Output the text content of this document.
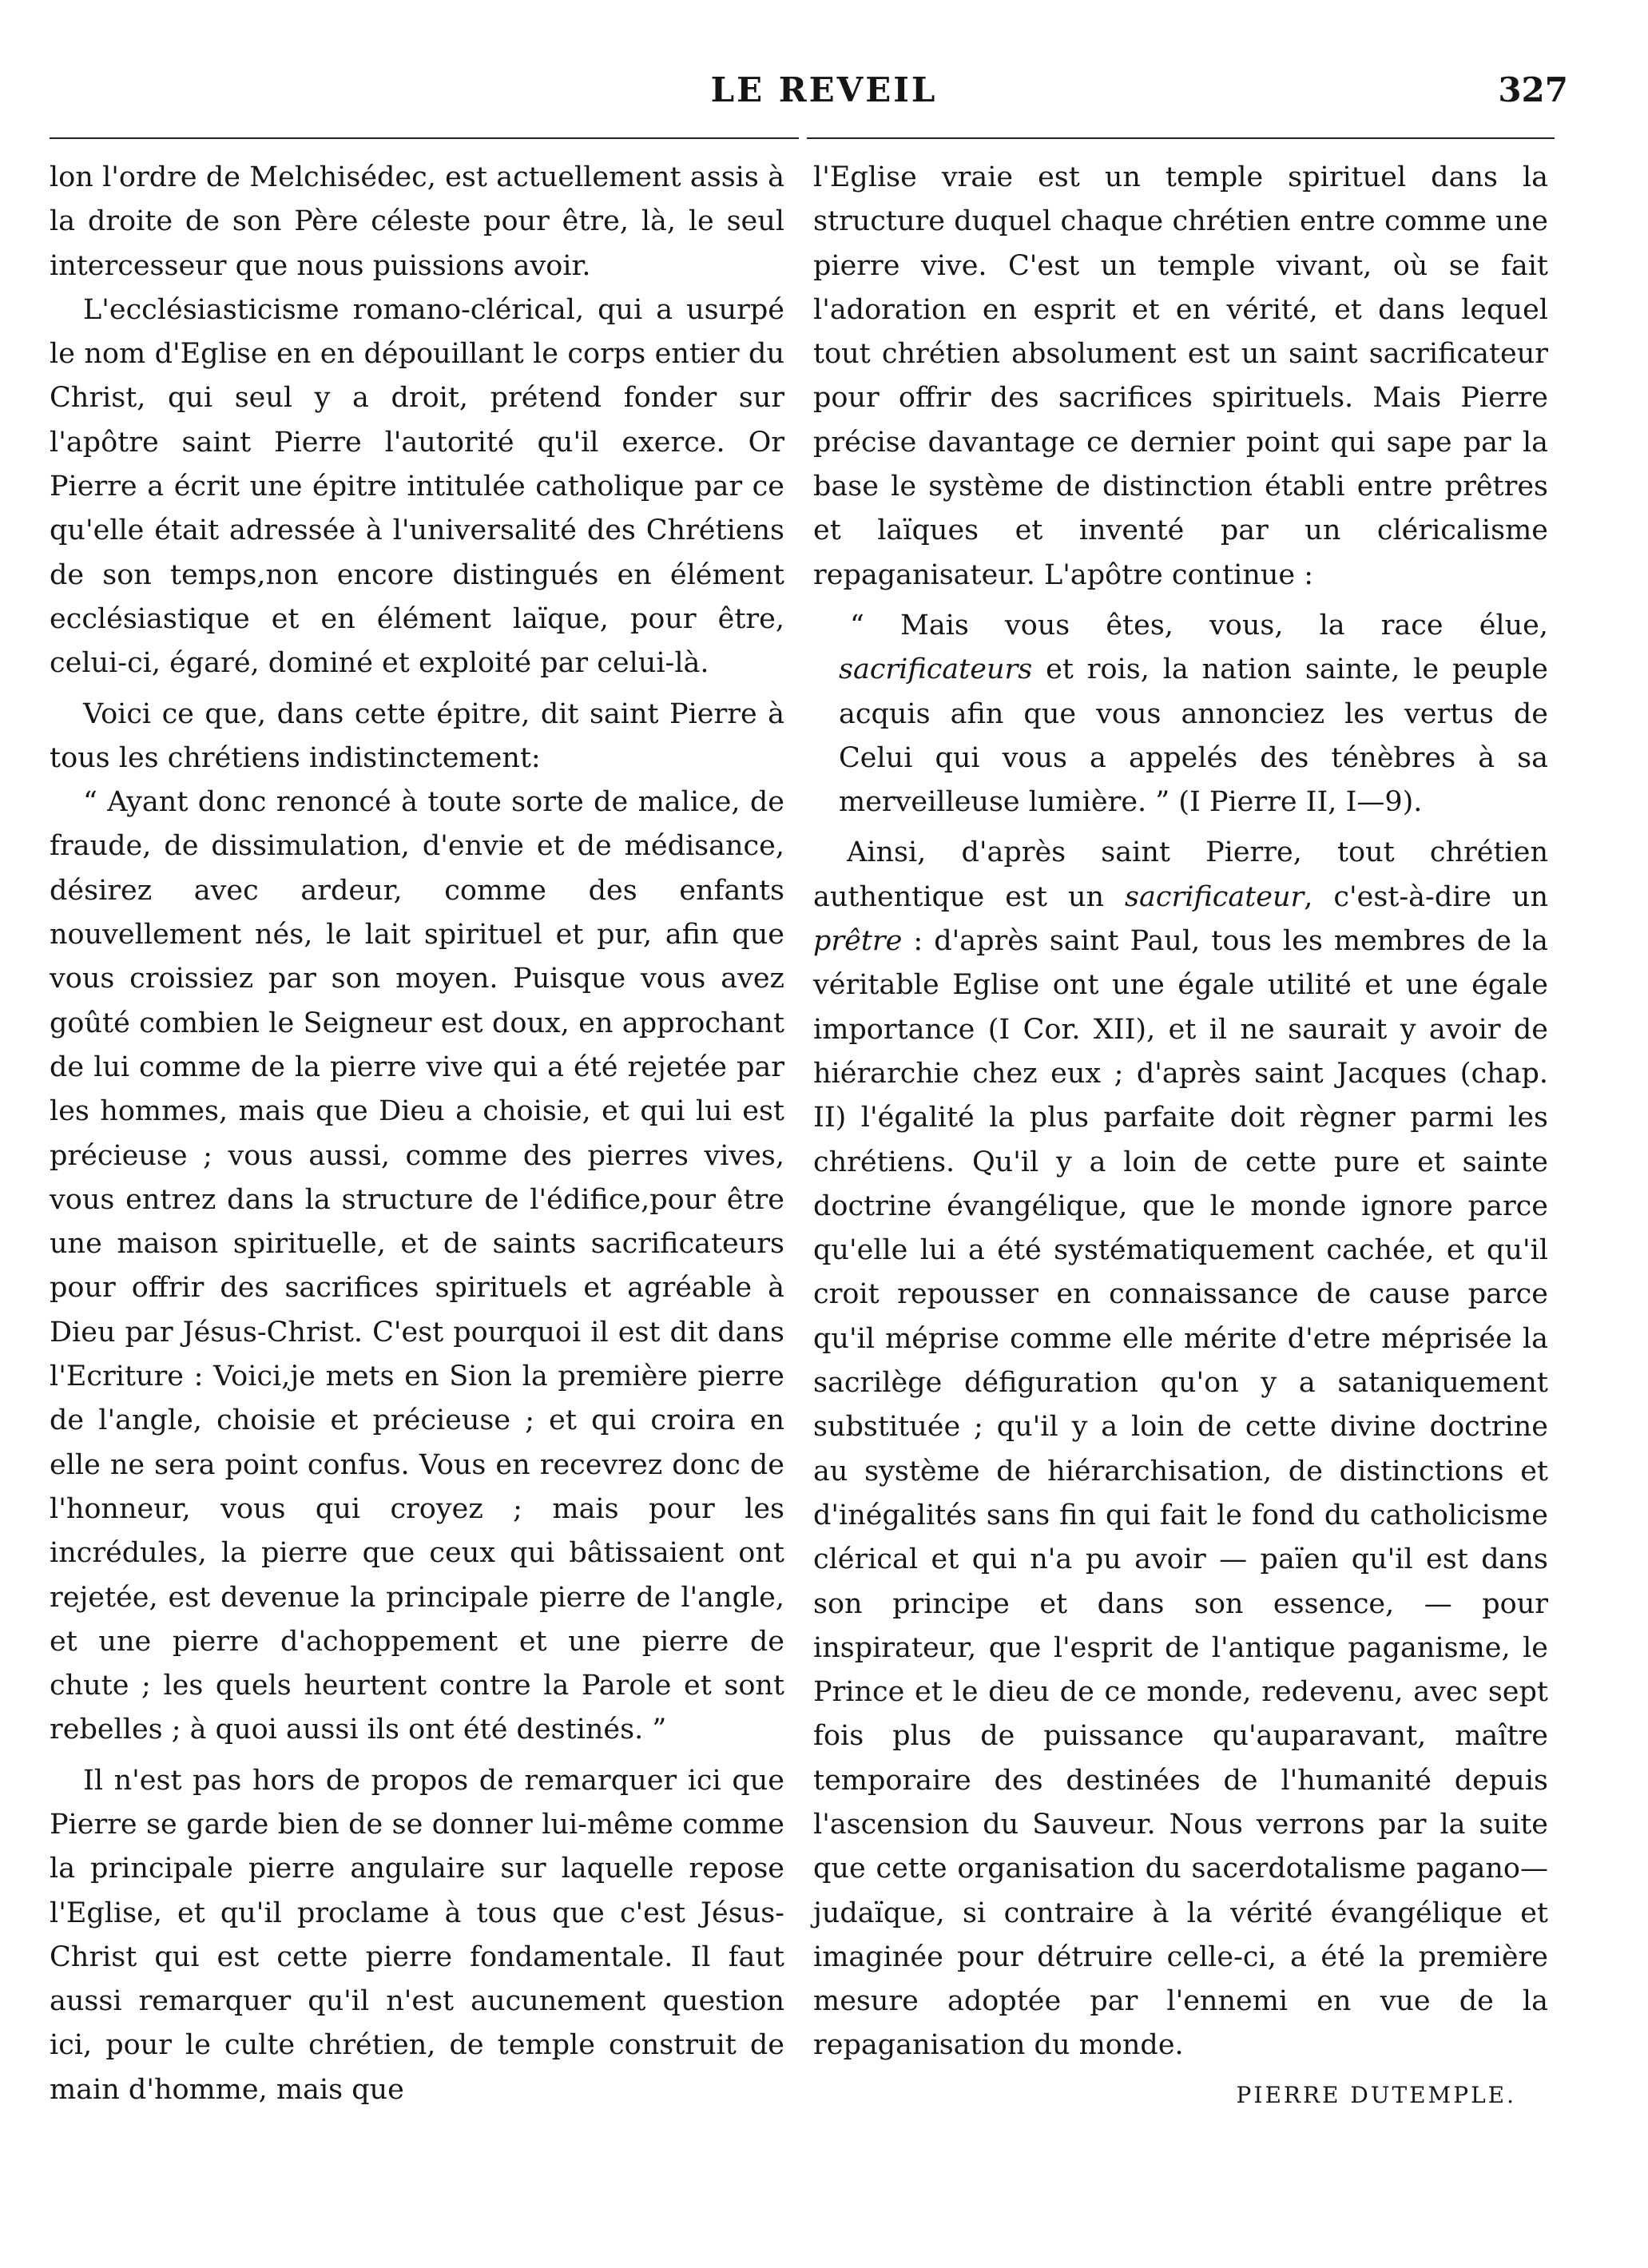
LE REVEIL	327

lon l'ordre de Melchisédec, est actuellement assis à la droite de son Père céleste pour être, là, le seul intercesseur que nous puissions avoir.

L'ecclésiasticisme romano-clérical, qui a usurpé le nom d'Eglise en en dépouillant le corps entier du Christ, qui seul y a droit, prétend fonder sur l'apôtre saint Pierre l'autorité qu'il exerce. Or Pierre a écrit une épitre intitulée catholique par ce qu'elle était adressée à l'universalité des Chrétiens de son temps,non encore distingués en élément ecclésiastique et en élément laïque, pour être, celui-ci, égaré, dominé et exploité par celui-là.

Voici ce que, dans cette épitre, dit saint Pierre à tous les chrétiens indistinctement:

“ Ayant donc renoncé à toute sorte de malice, de fraude, de dissimulation, d'envie et de médisance, désirez avec ardeur, comme des enfants nouvellement nés, le lait spirituel et pur, afin que vous croissiez par son moyen. Puisque vous avez goûté combien le Seigneur est doux, en approchant de lui comme de la pierre vive qui a été rejetée par les hommes, mais que Dieu a choisie, et qui lui est précieuse ; vous aussi, comme des pierres vives, vous entrez dans la structure de l'édifice,pour être une maison spirituelle, et de saints sacrificateurs pour offrir des sacrifices spirituels et agréable à Dieu par Jésus-Christ. C'est pourquoi il est dit dans l'Ecriture : Voici,je mets en Sion la première pierre de l'angle, choisie et précieuse ; et qui croira en elle ne sera point confus. Vous en recevrez donc de l'honneur, vous qui croyez ; mais pour les incrédules, la pierre que ceux qui bâtissaient ont rejetée, est devenue la principale pierre de l'angle, et une pierre d'achoppement et une pierre de chute ; les quels heurtent contre la Parole et sont rebelles ; à quoi aussi ils ont été destinés. ”

Il n'est pas hors de propos de remarquer ici que Pierre se garde bien de se donner lui-même comme la principale pierre angulaire sur laquelle repose l'Eglise, et qu'il proclame à tous que c'est Jésus-Christ qui est cette pierre fondamentale. Il faut aussi remarquer qu'il n'est aucunement question ici, pour le culte chrétien, de temple construit de main d'homme, mais que

l'Eglise vraie est un temple spirituel dans la structure duquel chaque chrétien entre comme une pierre vive. C'est un temple vivant, où se fait l'adoration en esprit et en vérité, et dans lequel tout chrétien absolument est un saint sacrificateur pour offrir des sacrifices spirituels. Mais Pierre précise davantage ce dernier point qui sape par la base le système de distinction établi entre prêtres et laïques et inventé par un cléricalisme repaganisateur. L'apôtre continue :

“ Mais vous êtes, vous, la race élue, sacrificateurs et rois, la nation sainte, le peuple acquis afin que vous annonciez les vertus de Celui qui vous a appelés des ténèbres à sa merveilleuse lumière. ” (I Pierre II, I—9).

Ainsi, d'après saint Pierre, tout chrétien authentique est un sacrificateur, c'est-à-dire un prêtre : d'après saint Paul, tous les membres de la véritable Eglise ont une égale utilité et une égale importance (I Cor. XII), et il ne saurait y avoir de hiérarchie chez eux ; d'après saint Jacques (chap. II) l'égalité la plus parfaite doit règner parmi les chrétiens. Qu'il y a loin de cette pure et sainte doctrine évangélique, que le monde ignore parce qu'elle lui a été systématiquement cachée, et qu'il croit repousser en connaissance de cause parce qu'il méprise comme elle mérite d'etre méprisée la sacrilège défiguration qu'on y a sataniquement substituée ; qu'il y a loin de cette divine doctrine au système de hiérarchisation, de distinctions et d'inégalités sans fin qui fait le fond du catholicisme clérical et qui n'a pu avoir — païen qu'il est dans son principe et dans son essence, — pour inspirateur, que l'esprit de l'antique paganisme, le Prince et le dieu de ce monde, redevenu, avec sept fois plus de puissance qu'auparavant, maître temporaire des destinées de l'humanité depuis l'ascension du Sauveur. Nous verrons par la suite que cette organisation du sacerdotalisme pagano—judaïque, si contraire à la vérité évangélique et imaginée pour détruire celle-ci, a été la première mesure adoptée par l'ennemi en vue de la repaganisation du monde.

PIERRE DUTEMPLE.
